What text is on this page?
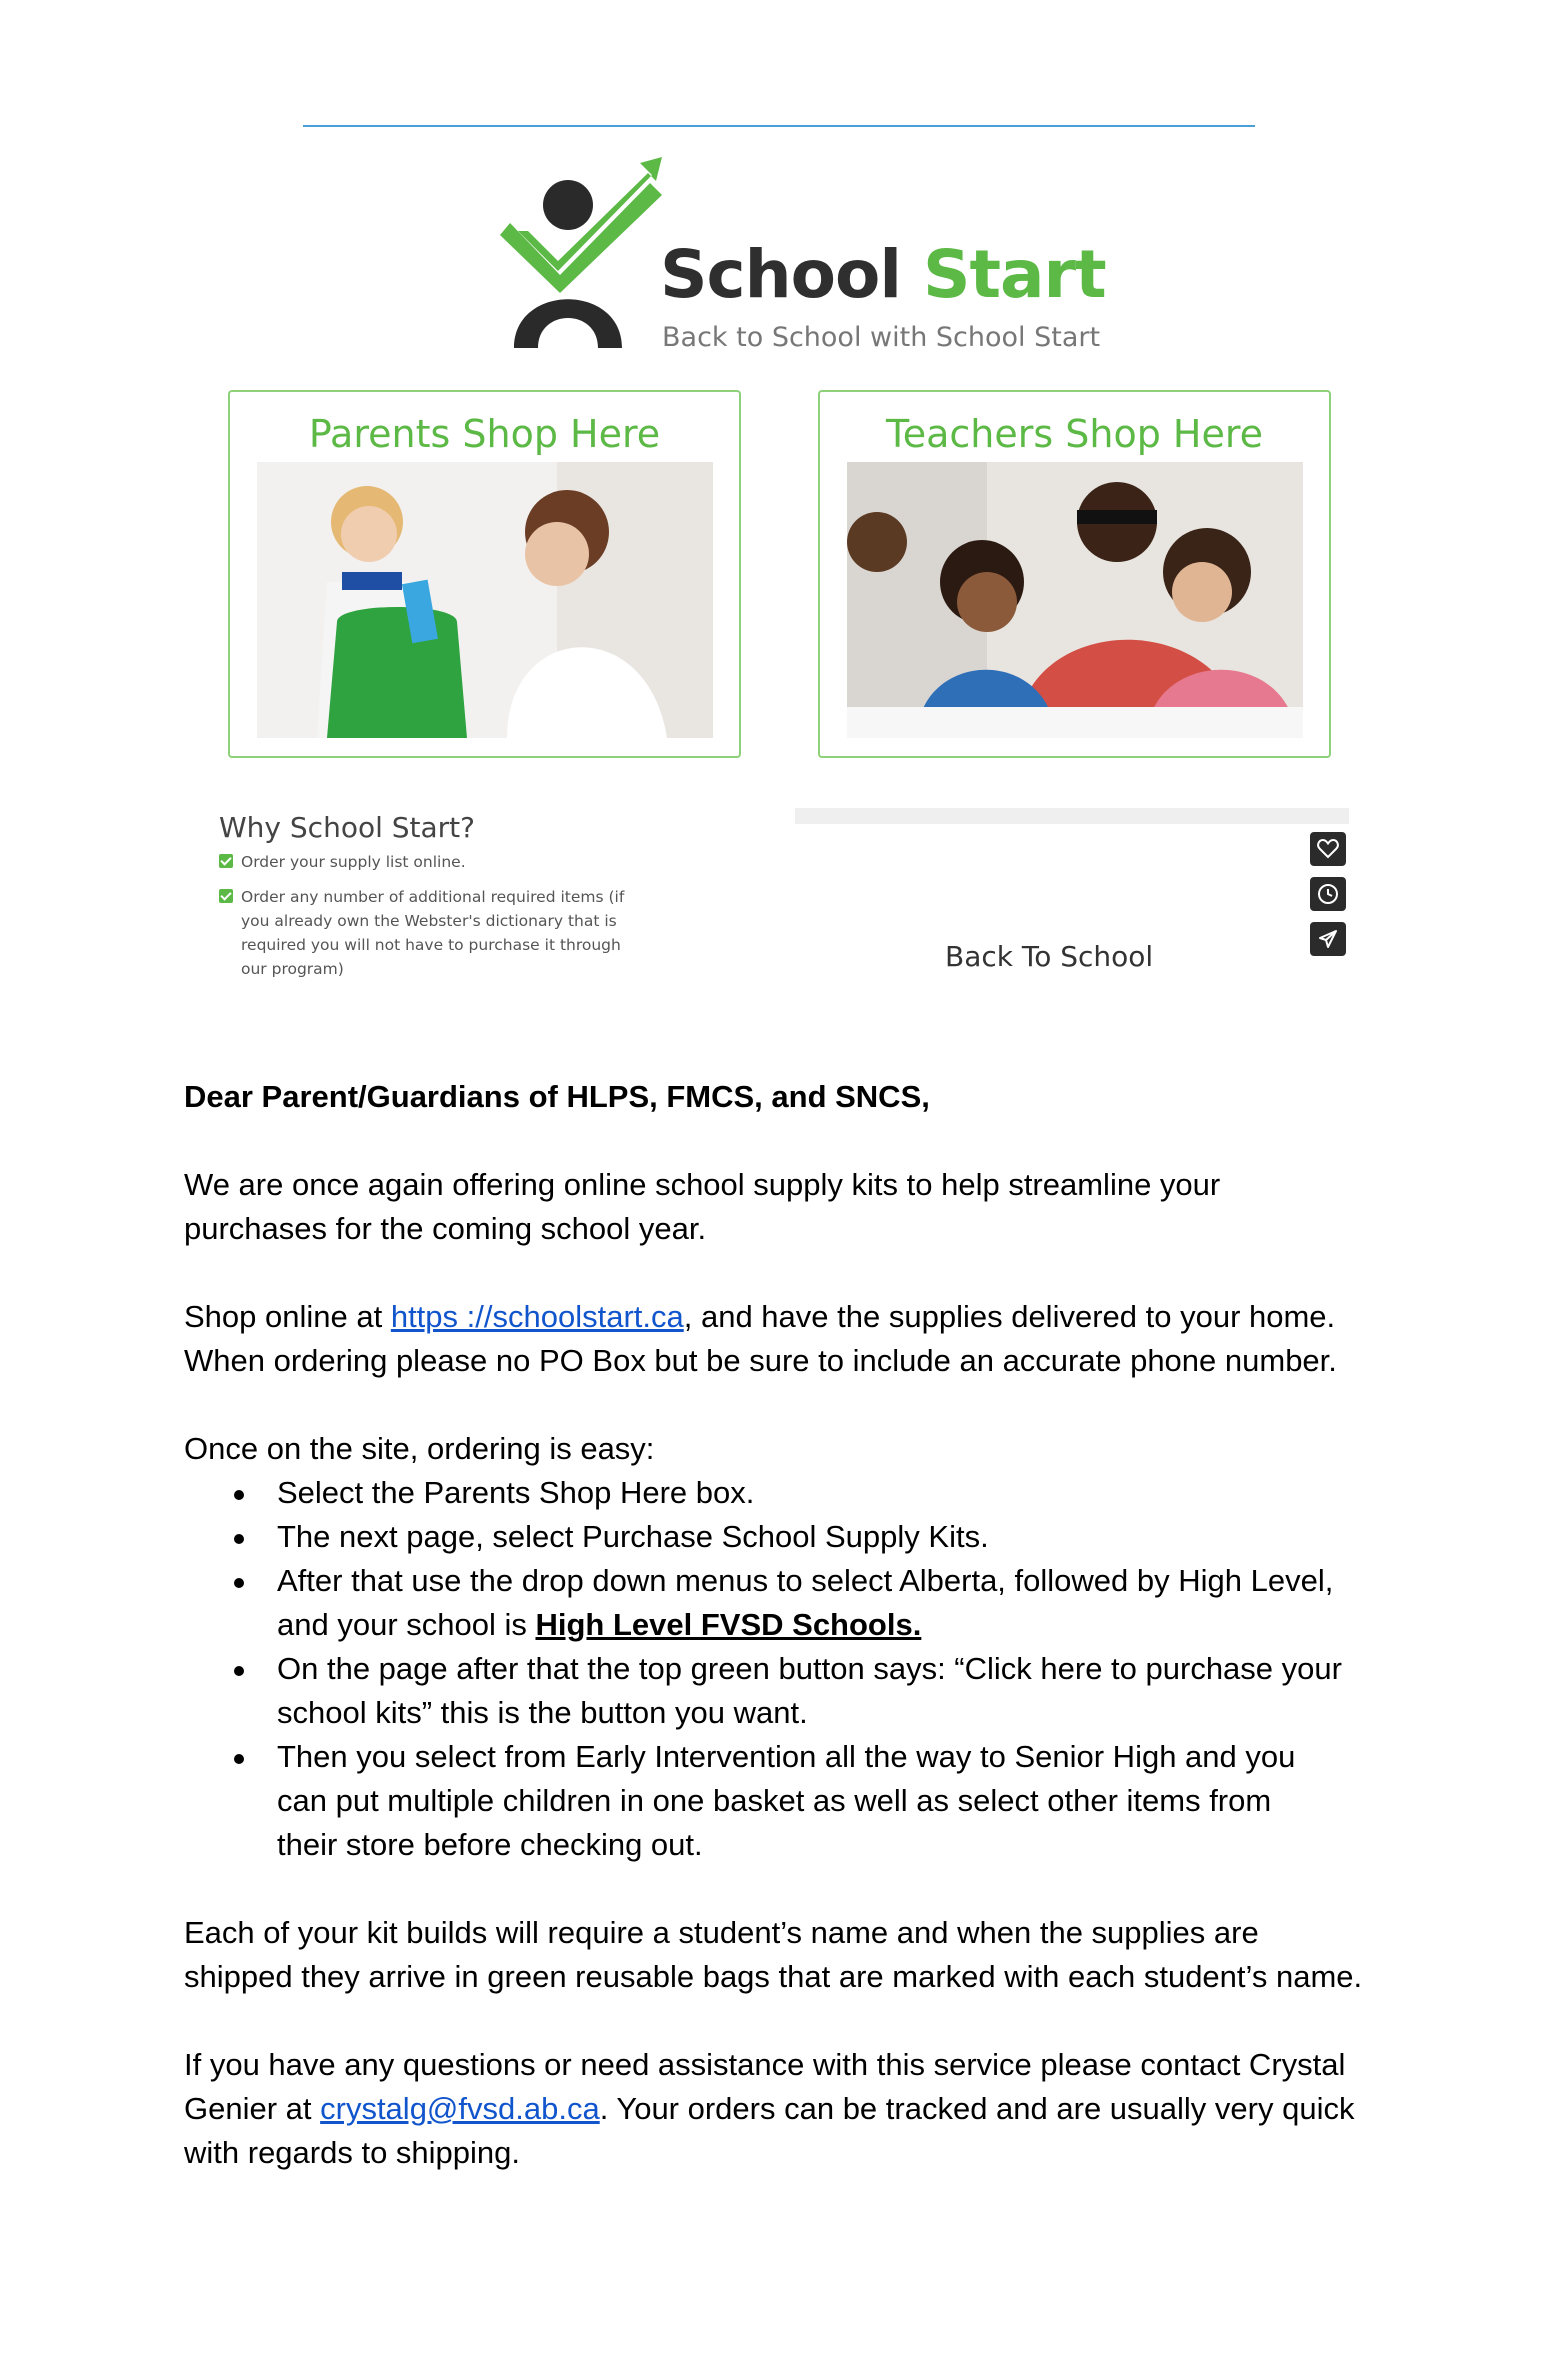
School Start
Back to School with School Start
Parents Shop Here	Teachers Shop Here
Why School Start?
Order your supply list online.
Order any number of additional required items (if you already own the Webster's dictionary that is required you will not have to purchase it through our program)	Back To School

Dear Parent/Guardians of HLPS, FMCS, and SNCS,

We are once again offering online school supply kits to help streamline your purchases for the coming school year.

Shop online at https ://schoolstart.ca, and have the supplies delivered to your home. When ordering please no PO Box but be sure to include an accurate phone number.

Once on the site, ordering is easy:

Select the Parents Shop Here box.
The next page, select Purchase School Supply Kits.
After that use the drop down menus to select Alberta, followed by High Level, and your school is High Level FVSD Schools.
On the page after that the top green button says: “Click here to purchase your school kits” this is the button you want.
Then you select from Early Intervention all the way to Senior High and you can put multiple children in one basket as well as select other items from their store before checking out.

Each of your kit builds will require a student’s name and when the supplies are shipped they arrive in green reusable bags that are marked with each student’s name.

If you have any questions or need assistance with this service please contact Crystal Genier at crystalg@fvsd.ab.ca. Your orders can be tracked and are usually very quick with regards to shipping.
